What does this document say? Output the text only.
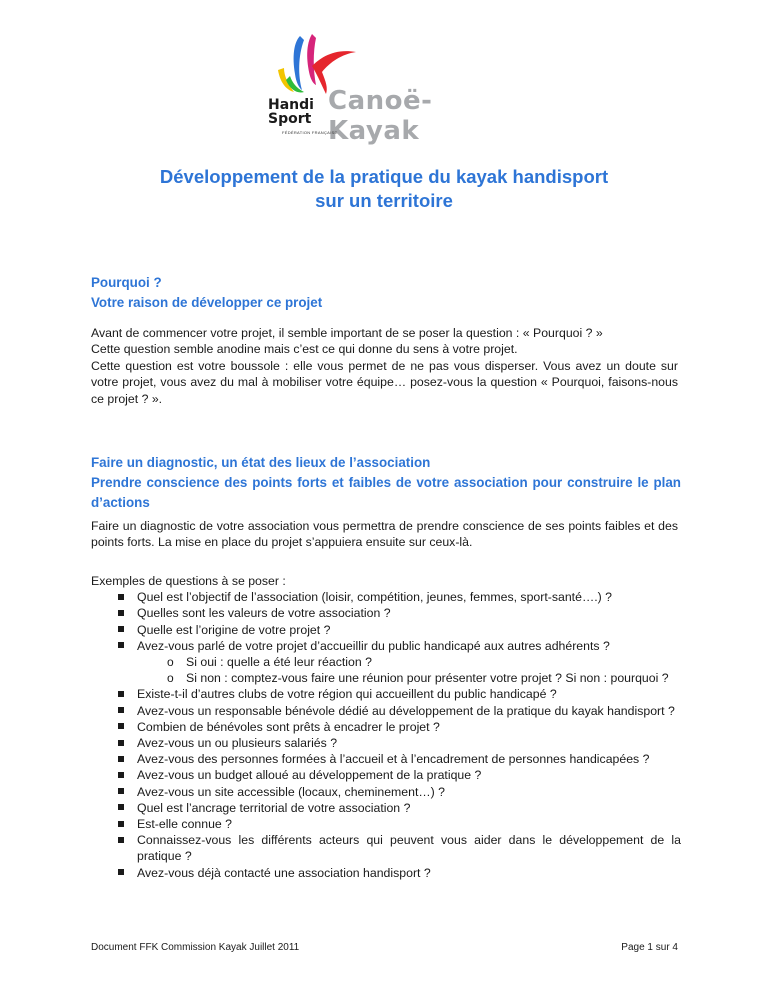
Handi
Sport
Canoë-Kayak
FÉDÉRATION FRANÇAISE
Développement de la pratique du kayak handisport
sur un territoire
Pourquoi ?
Votre raison de développer ce projet

Avant de commencer votre projet, il semble important de se poser la question : « Pourquoi ? »

Cette question semble anodine mais c’est ce qui donne du sens à votre projet.

Cette question est votre boussole : elle vous permet de ne pas vous disperser. Vous avez un doute sur votre projet, vous avez du mal à mobiliser votre équipe… posez-vous la question « Pourquoi, faisons-nous ce projet ? ».

Faire un diagnostic, un état des lieux de l’association
Prendre conscience des points forts et faibles de votre association pour construire le plan d’actions

Faire un diagnostic de votre association vous permettra de prendre conscience de ses points faibles et des points forts. La mise en place du projet s’appuiera ensuite sur ceux-là.

Exemples de questions à se poser :

Quel est l’objectif de l’association (loisir, compétition, jeunes, femmes, sport-santé….) ?
Quelles sont les valeurs de votre association ?
Quelle est l’origine de votre projet ?
Avez-vous parlé de votre projet d’accueillir du public handicapé aux autres adhérents ?
o Si oui : quelle a été leur réaction ?
o Si non : comptez-vous faire une réunion pour présenter votre projet ? Si non : pourquoi ?
Existe-t-il d’autres clubs de votre région qui accueillent du public handicapé ?
Avez-vous un responsable bénévole dédié au développement de la pratique du kayak handisport ?
Combien de bénévoles sont prêts à encadrer le projet ?
Avez-vous un ou plusieurs salariés ?
Avez-vous des personnes formées à l’accueil et à l’encadrement de personnes handicapées ?
Avez-vous un budget alloué au développement de la pratique ?
Avez-vous un site accessible (locaux, cheminement…) ?
Quel est l’ancrage territorial de votre association ?
Est-elle connue ?
Connaissez-vous les différents acteurs qui peuvent vous aider dans le développement de la pratique ?
Avez-vous déjà contacté une association handisport ?
Document FFK Commission Kayak Juillet 2011	Page 1 sur 4
